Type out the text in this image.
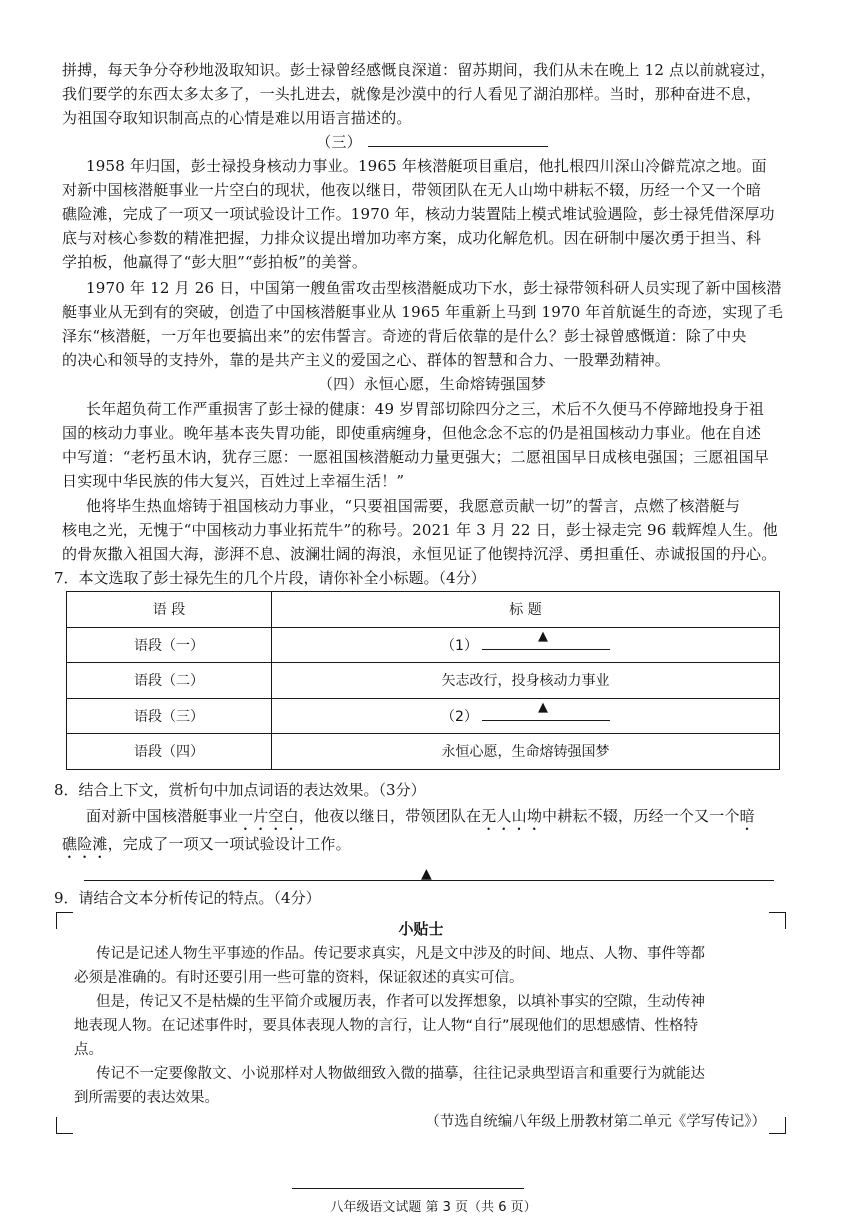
拼搏，每天争分夺秒地汲取知识。彭士禄曾经感慨良深道：留苏期间，我们从未在晚上 12 点以前就寝过，
我们要学的东西太多太多了，一头扎进去，就像是沙漠中的行人看见了湖泊那样。当时，那种奋进不息，
为祖国夺取知识制高点的心情是难以用语言描述的。
（三）
1958 年归国，彭士禄投身核动力事业。1965 年核潜艇项目重启，他扎根四川深山冷僻荒凉之地。面
对新中国核潜艇事业一片空白的现状，他夜以继日，带领团队在无人山坳中耕耘不辍，历经一个又一个暗
礁险滩，完成了一项又一项试验设计工作。1970 年，核动力装置陆上模式堆试验遇险，彭士禄凭借深厚功
底与对核心参数的精准把握，力排众议提出增加功率方案，成功化解危机。因在研制中屡次勇于担当、科
学拍板，他赢得了“彭大胆”“彭拍板”的美誉。
1970 年 12 月 26 日，中国第一艘鱼雷攻击型核潜艇成功下水，彭士禄带领科研人员实现了新中国核潜
艇事业从无到有的突破，创造了中国核潜艇事业从 1965 年重新上马到 1970 年首航诞生的奇迹，实现了毛
泽东“核潜艇，一万年也要搞出来”的宏伟誓言。奇迹的背后依靠的是什么？彭士禄曾感慨道：除了中央
的决心和领导的支持外，靠的是共产主义的爱国之心、群体的智慧和合力、一股犟劲精神。
（四）永恒心愿，生命熔铸强国梦
长年超负荷工作严重损害了彭士禄的健康：49 岁胃部切除四分之三，术后不久便马不停蹄地投身于祖
国的核动力事业。晚年基本丧失胃功能，即使重病缠身，但他念念不忘的仍是祖国核动力事业。他在自述
中写道：“老朽虽木讷，犹存三愿：一愿祖国核潜艇动力量更强大；二愿祖国早日成核电强国；三愿祖国早
日实现中华民族的伟大复兴，百姓过上幸福生活！”
他将毕生热血熔铸于祖国核动力事业，“只要祖国需要，我愿意贡献一切”的誓言，点燃了核潜艇与
核电之光，无愧于“中国核动力事业拓荒牛”的称号。2021 年 3 月 22 日，彭士禄走完 96 载辉煌人生。他
的骨灰撒入祖国大海，澎湃不息、波澜壮阔的海浪，永恒见证了他锲持沉浮、勇担重任、赤诚报国的丹心。
7．本文选取了彭士禄先生的几个片段，请你补全小标题。（4分）
语 段	标 题
语段（一）	（1）
▲

语段（二）	矢志改行，投身核动力事业
语段（三）	（2）
▲

语段（四）	永恒心愿，生命熔铸强国梦
8．结合上下文，赏析句中加点词语的表达效果。（3分）
面对新中国核潜艇事业一片空白，他夜以继日，带领团队在无人山坳中耕耘不辍，历经一个又一个暗
礁险滩，完成了一项又一项试验设计工作。
▲
9．请结合文本分析传记的特点。（4分）
小贴士
传记是记述人物生平事迹的作品。传记要求真实，凡是文中涉及的时间、地点、人物、事件等都
必须是准确的。有时还要引用一些可靠的资料，保证叙述的真实可信。
但是，传记又不是枯燥的生平简介或履历表，作者可以发挥想象，以填补事实的空隙，生动传神
地表现人物。在记述事件时，要具体表现人物的言行，让人物“自行”展现他们的思想感情、性格特
点。
传记不一定要像散文、小说那样对人物做细致入微的描摹，往往记录典型语言和重要行为就能达
到所需要的表达效果。
（节选自统编八年级上册教材第二单元《学写传记》）
八年级语文试题 第 3 页（共 6 页）
